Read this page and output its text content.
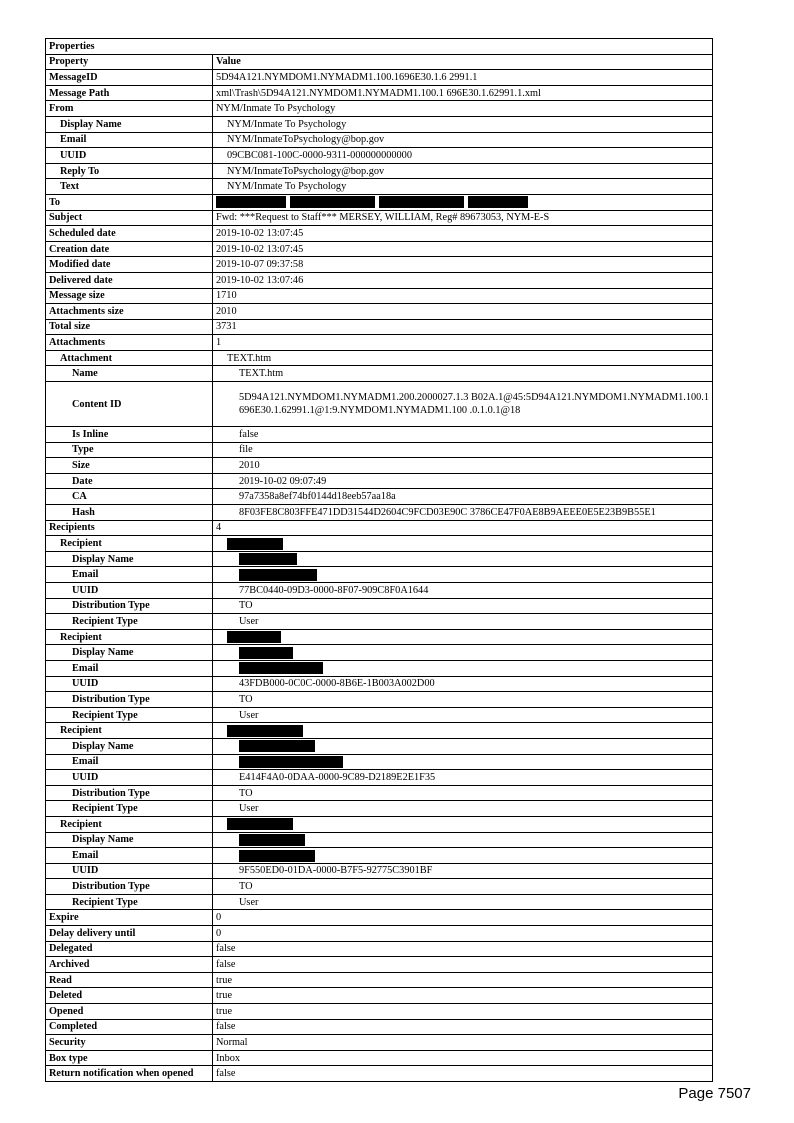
Properties	
Property	Value
MessageID	5D94A121.NYMDOM1.NYMADM1.100.1696E30.1.6 2991.1
Message Path	xml\Trash\5D94A121.NYMDOM1.NYMADM1.100.1 696E30.1.62991.1.xml
From	NYM/Inmate To Psychology
Display Name	NYM/Inmate To Psychology
Email	NYM/InmateToPsychology@bop.gov
UUID	09CBC081-100C-0000-9311-000000000000
Reply To	NYM/InmateToPsychology@bop.gov
Text	NYM/Inmate To Psychology
To	
Subject	Fwd: ***Request to Staff*** MERSEY, WILLIAM, Reg# 89673053, NYM-E-S
Scheduled date	2019-10-02 13:07:45
Creation date	2019-10-02 13:07:45
Modified date	2019-10-07 09:37:58
Delivered date	2019-10-02 13:07:46
Message size	1710
Attachments size	2010
Total size	3731
Attachments	1
Attachment	TEXT.htm
Name	TEXT.htm
Content ID	5D94A121.NYMDOM1.NYMADM1.200.2000027.1.3 B02A.1@45:5D94A121.NYMDOM1.NYMADM1.100.1 696E30.1.62991.1@1:9.NYMDOM1.NYMADM1.100 .0.1.0.1@18
Is Inline	false
Type	file
Size	2010
Date	2019-10-02 09:07:49
CA	97a7358a8ef74bf0144d18eeb57aa18a
Hash	8F03FE8C803FFE471DD31544D2604C9FCD03E90C 3786CE47F0AE8B9AEEE0E5E23B9B55E1
Recipients	4
Recipient	
Display Name	
Email	
UUID	77BC0440-09D3-0000-8F07-909C8F0A1644
Distribution Type	TO
Recipient Type	User
Recipient	
Display Name	
Email	
UUID	43FDB000-0C0C-0000-8B6E-1B003A002D00
Distribution Type	TO
Recipient Type	User
Recipient	
Display Name	
Email	
UUID	E414F4A0-0DAA-0000-9C89-D2189E2E1F35
Distribution Type	TO
Recipient Type	User
Recipient	
Display Name	
Email	
UUID	9F550ED0-01DA-0000-B7F5-92775C3901BF
Distribution Type	TO
Recipient Type	User
Expire	0
Delay delivery until	0
Delegated	false
Archived	false
Read	true
Deleted	true
Opened	true
Completed	false
Security	Normal
Box type	Inbox
Return notification when opened	false
Page 7507
